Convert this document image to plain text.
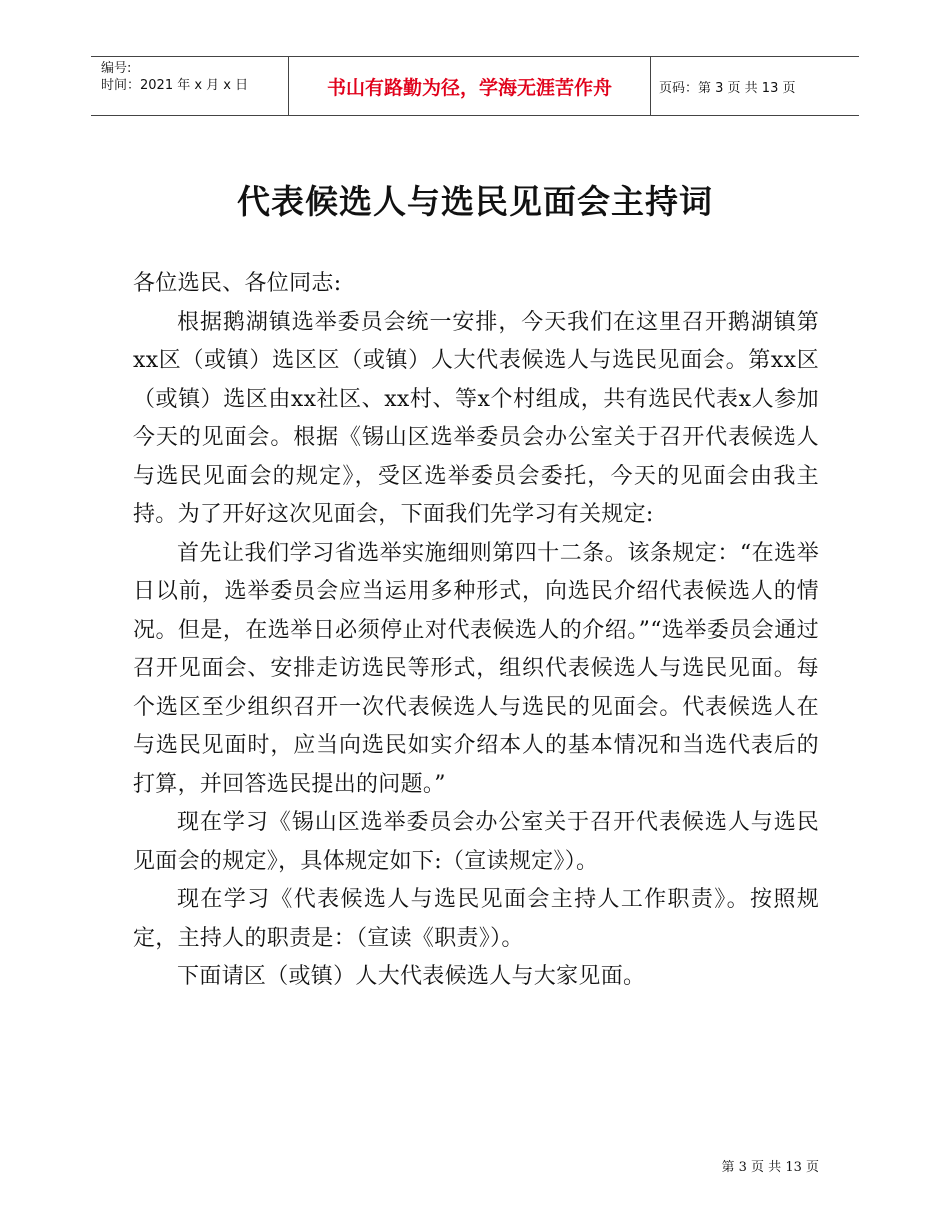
编号:
时间：2021 年 x 月 x 日	书山有路勤为径，学海无涯苦作舟	页码：第 3 页 共 13 页
代表候选人与选民见面会主持词

各位选民、各位同志:

根据鹅湖镇选举委员会统一安排，今天我们在这里召开鹅湖镇第xx区（或镇）选区区（或镇）人大代表候选人与选民见面会。第xx区（或镇）选区由xx社区、xx村、等x个村组成，共有选民代表x人参加今天的见面会。根据《锡山区选举委员会办公室关于召开代表候选人与选民见面会的规定》，受区选举委员会委托，今天的见面会由我主持。为了开好这次见面会，下面我们先学习有关规定:

首先让我们学习省选举实施细则第四十二条。该条规定：“在选举日以前，选举委员会应当运用多种形式，向选民介绍代表候选人的情况。但是，在选举日必须停止对代表候选人的介绍。”“选举委员会通过召开见面会、安排走访选民等形式，组织代表候选人与选民见面。每个选区至少组织召开一次代表候选人与选民的见面会。代表候选人在与选民见面时，应当向选民如实介绍本人的基本情况和当选代表后的打算，并回答选民提出的问题。”

现在学习《锡山区选举委员会办公室关于召开代表候选人与选民见面会的规定》，具体规定如下:（宣读规定》）。

现在学习《代表候选人与选民见面会主持人工作职责》。按照规定，主持人的职责是：（宣读《职责》）。

下面请区（或镇）人大代表候选人与大家见面。

第 3 页 共 13 页
